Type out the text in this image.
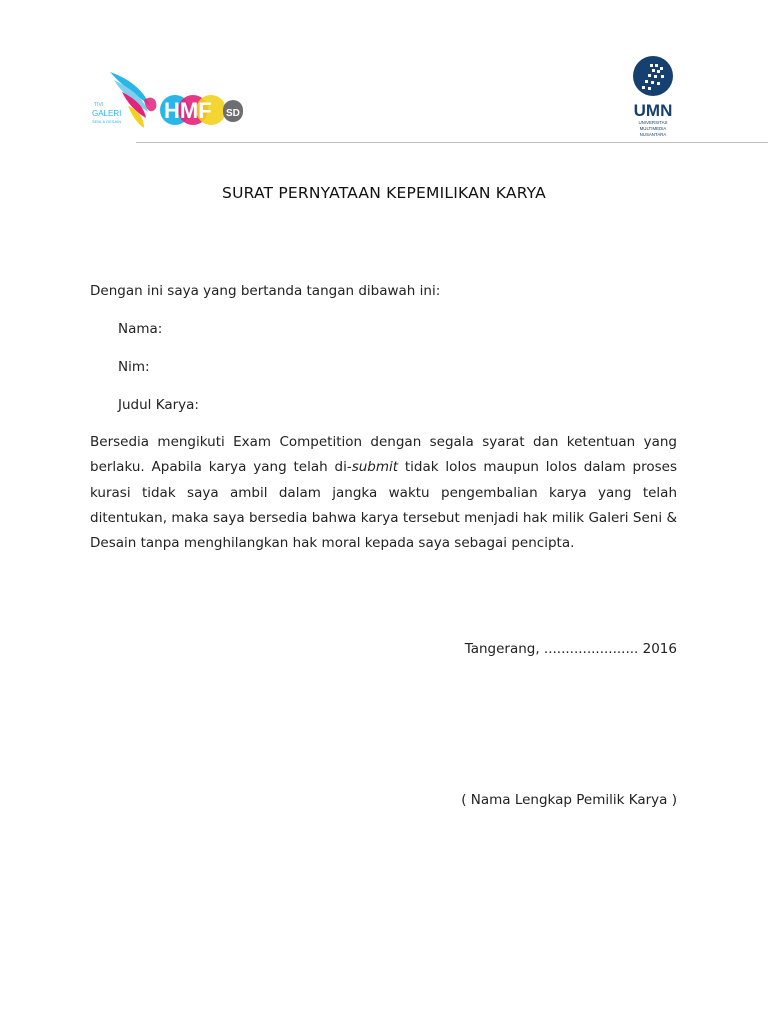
TIVI
GALERI
SENI & DESAIN HMF SD	UMN
UNIVERSITAS
MULTIMEDIA
NUSANTARA
SURAT PERNYATAAN KEPEMILIKAN KARYA
Dengan ini saya yang bertanda tangan dibawah ini:
Nama:
Nim:
Judul Karya:
Bersedia mengikuti Exam Competition dengan segala syarat dan ketentuan yang berlaku. Apabila karya yang telah di-submit tidak lolos maupun lolos dalam proses kurasi tidak saya ambil dalam jangka waktu pengembalian karya yang telah ditentukan, maka saya bersedia bahwa karya tersebut menjadi hak milik Galeri Seni & Desain tanpa menghilangkan hak moral kepada saya sebagai pencipta.
Tangerang, ...................... 2016
( Nama Lengkap Pemilik Karya )
